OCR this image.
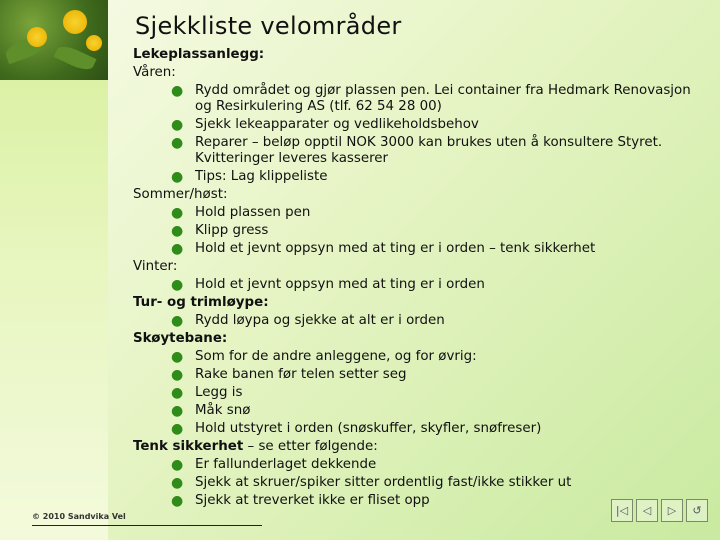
Sjekkliste velområder
Lekeplassanlegg:
Våren:
● Rydd området og gjør plassen pen. Lei container fra Hedmark Renovasjon og Resirkulering AS (tlf. 62 54 28 00)
● Sjekk lekeapparater og vedlikeholdsbehov
● Reparer – beløp opptil NOK 3000 kan brukes uten å konsultere Styret. Kvitteringer leveres kasserer
● Tips: Lag klippeliste
Sommer/høst:
● Hold plassen pen
● Klipp gress
● Hold et jevnt oppsyn med at ting er i orden – tenk sikkerhet
Vinter:
● Hold et jevnt oppsyn med at ting er i orden
Tur- og trimløype:
● Rydd løypa og sjekke at alt er i orden
Skøytebane:
● Som for de andre anleggene, og for øvrig:
● Rake banen før telen setter seg
● Legg is
● Måk snø
● Hold utstyret i orden (snøskuffer, skyfler, snøfreser)
Tenk sikkerhet – se etter følgende:
● Er fallunderlaget dekkende
● Sjekk at skruer/spiker sitter ordentlig fast/ikke stikker ut
● Sjekk at treverket ikke er fliset opp
© 2010 Sandvika Vel	|◁ ◁ ▷ ↺
